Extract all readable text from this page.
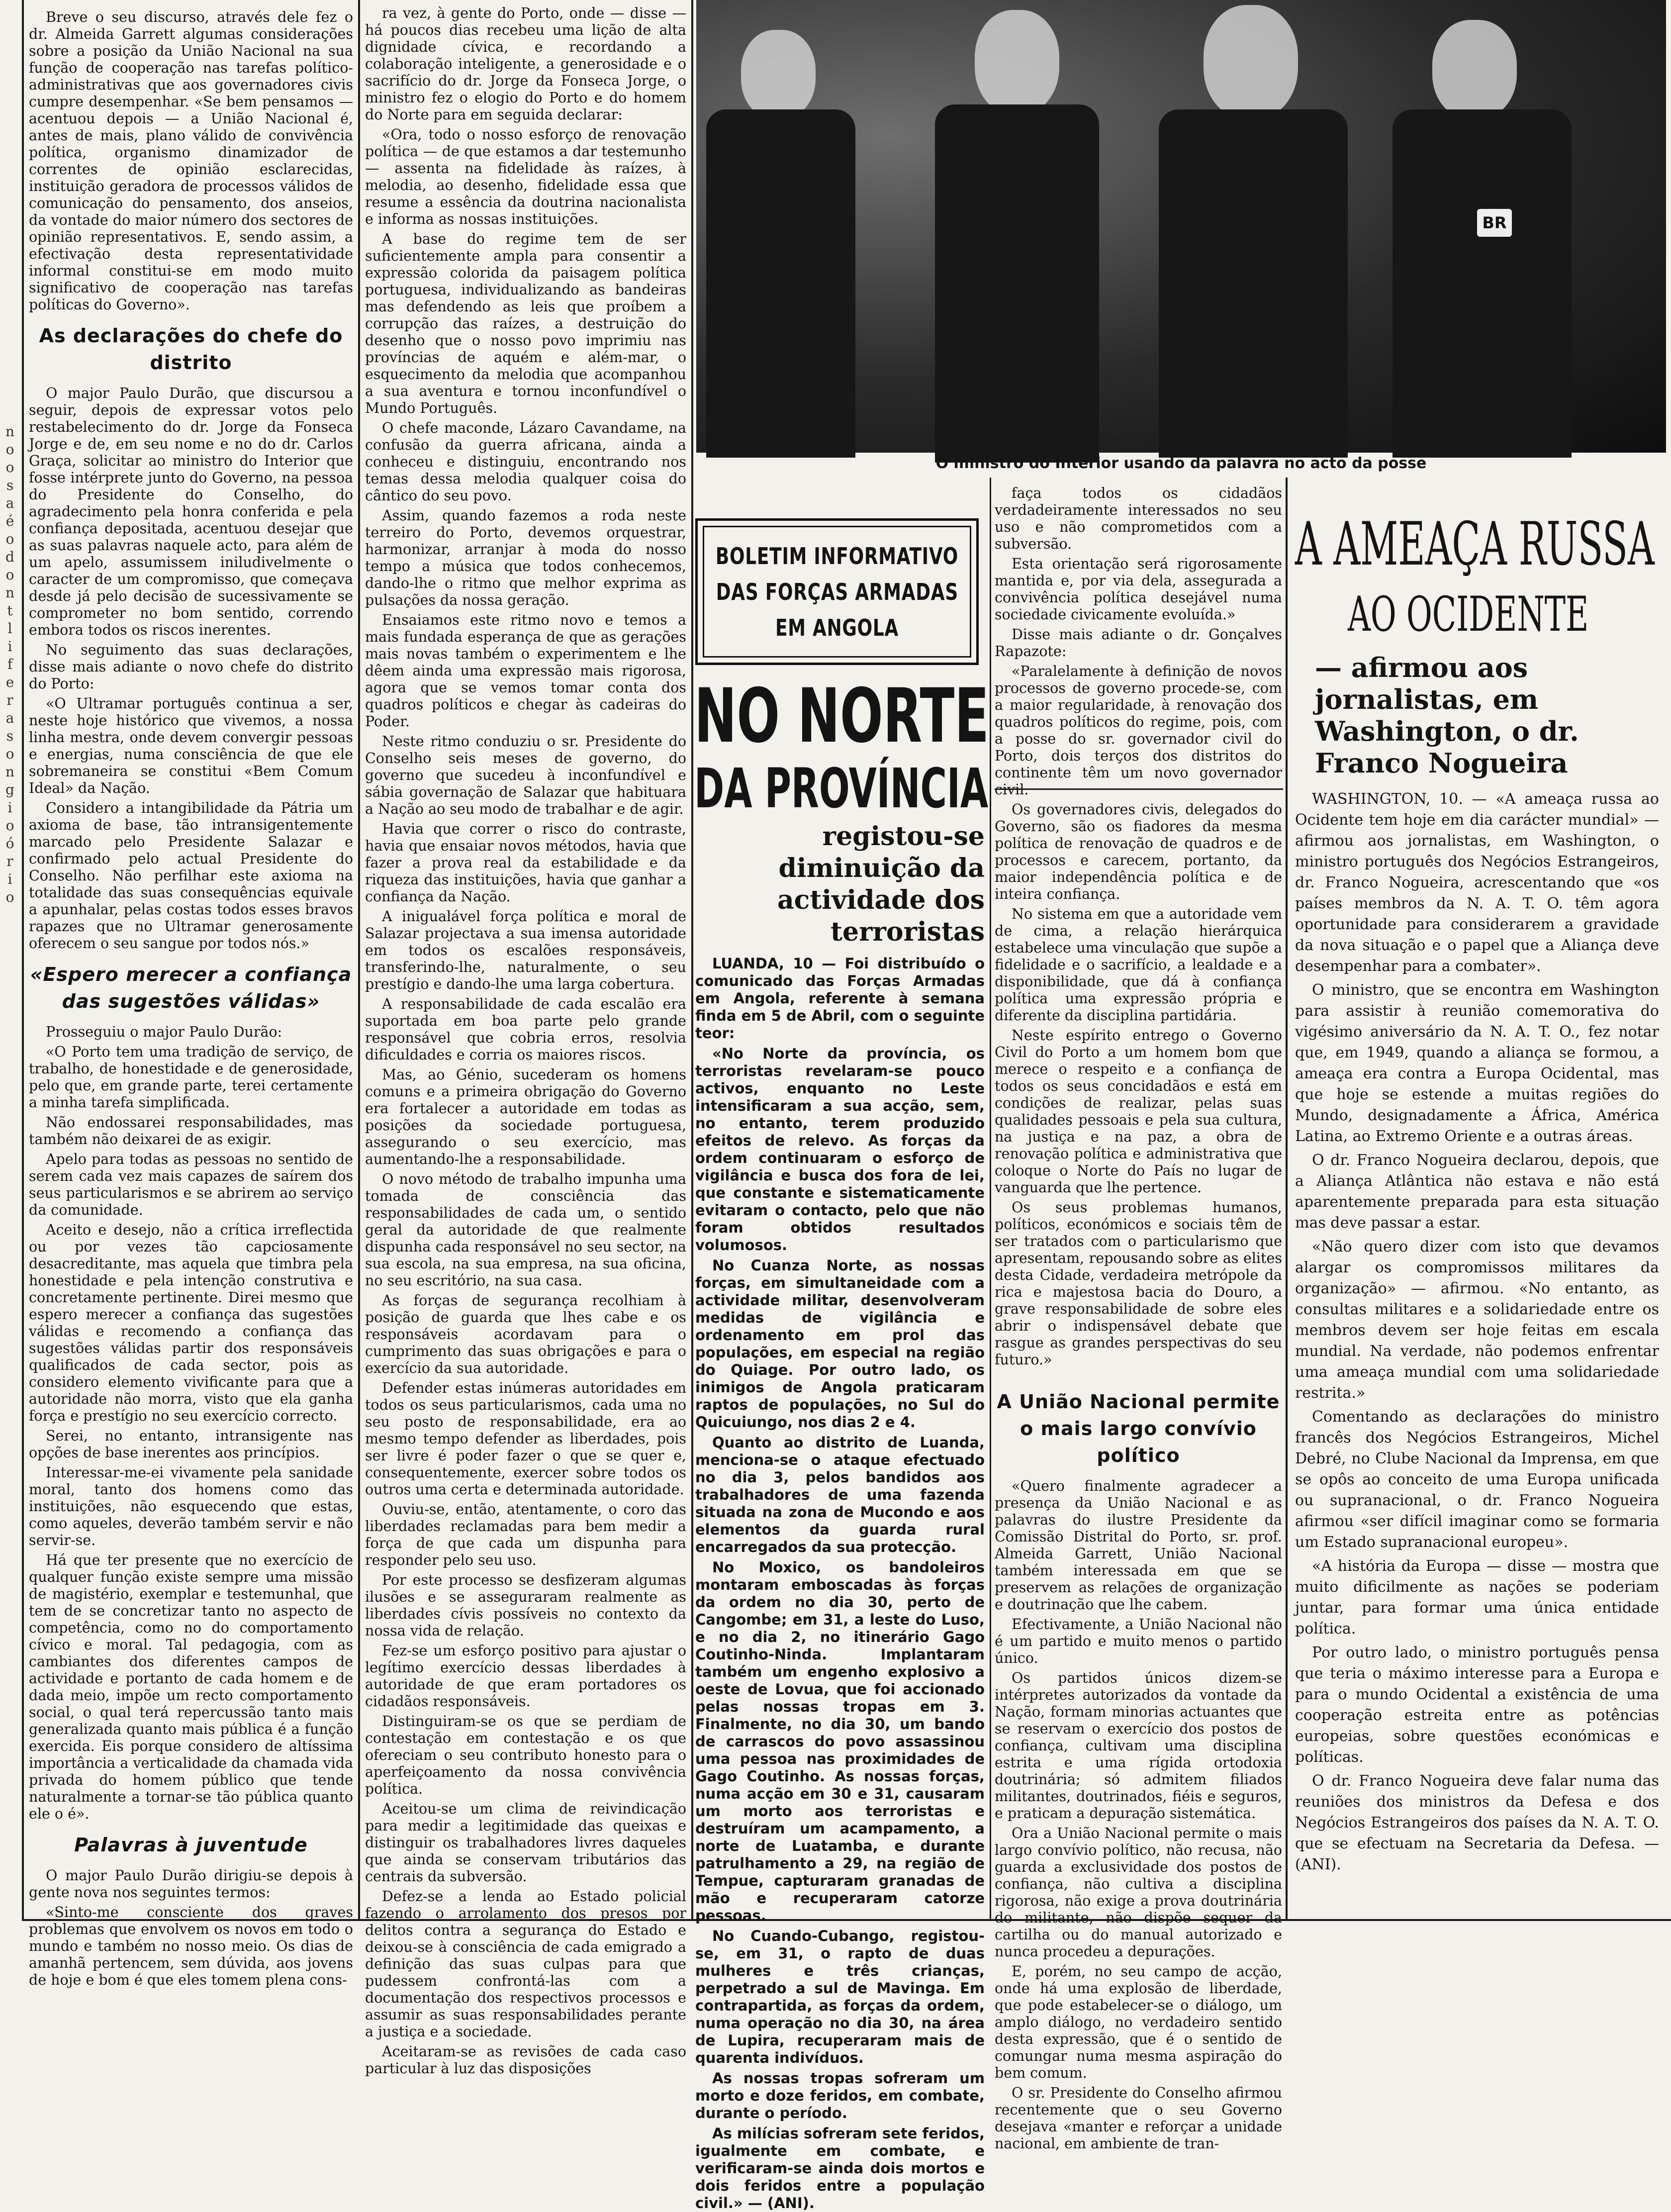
n
o
o
s
a
é
o
d
o
n
t
l
i
f
e
r
a
s
o
n
g
i
o
ó
r
i
o

Breve o seu discurso, através dele fez o dr. Almeida Garrett algumas considerações sobre a posição da União Nacional na sua função de cooperação nas tarefas político-administrativas que aos governadores civis cumpre desempenhar. «Se bem pensamos — acentuou depois — a União Nacional é, antes de mais, plano válido de convivência política, organismo dinamizador de correntes de opinião esclarecidas, instituição geradora de processos válidos de comunicação do pensamento, dos anseios, da vontade do maior número dos sectores de opinião representativos. E, sendo assim, a efectivação desta representatividade informal constitui-se em modo muito significativo de cooperação nas tarefas políticas do Governo».

As declarações do chefe do distrito

O major Paulo Durão, que discursou a seguir, depois de expressar votos pelo restabelecimento do dr. Jorge da Fonseca Jorge e de, em seu nome e no do dr. Carlos Graça, solicitar ao ministro do Interior que fosse intérprete junto do Governo, na pessoa do Presidente do Conselho, do agradecimento pela honra conferida e pela confiança depositada, acentuou desejar que as suas palavras naquele acto, para além de um apelo, assumissem iniludivelmente o caracter de um compromisso, que começava desde já pelo decisão de sucessivamente se comprometer no bom sentido, correndo embora todos os riscos inerentes.

No seguimento das suas declarações, disse mais adiante o novo chefe do distrito do Porto:

«O Ultramar português continua a ser, neste hoje histórico que vivemos, a nossa linha mestra, onde devem convergir pessoas e energias, numa consciência de que ele sobremaneira se constitui «Bem Comum Ideal» da Nação.

Considero a intangibilidade da Pátria um axioma de base, tão intransigentemente marcado pelo Presidente Salazar e confirmado pelo actual Presidente do Conselho. Não perfilhar este axioma na totalidade das suas consequências equivale a apunhalar, pelas costas todos esses bravos rapazes que no Ultramar generosamente oferecem o seu sangue por todos nós.»

«Espero merecer a confiança das sugestões válidas»

Prosseguiu o major Paulo Durão:

«O Porto tem uma tradição de serviço, de trabalho, de honestidade e de generosidade, pelo que, em grande parte, terei certamente a minha tarefa simplificada.

Não endossarei responsabilidades, mas também não deixarei de as exigir.

Apelo para todas as pessoas no sentido de serem cada vez mais capazes de saírem dos seus particularismos e se abrirem ao serviço da comunidade.

Aceito e desejo, não a crítica irreflectida ou por vezes tão capciosamente desacreditante, mas aquela que timbra pela honestidade e pela intenção construtiva e concretamente pertinente. Direi mesmo que espero merecer a confiança das sugestões válidas e recomendo a confiança das sugestões válidas partir dos responsáveis qualificados de cada sector, pois as considero elemento vivificante para que a autoridade não morra, visto que ela ganha força e prestígio no seu exercício correcto.

Serei, no entanto, intransigente nas opções de base inerentes aos princípios.

Interessar-me-ei vivamente pela sanidade moral, tanto dos homens como das instituições, não esquecendo que estas, como aqueles, deverão também servir e não servir-se.

Há que ter presente que no exercício de qualquer função existe sempre uma missão de magistério, exemplar e testemunhal, que tem de se concretizar tanto no aspecto de competência, como no do comportamento cívico e moral. Tal pedagogia, com as cambiantes dos diferentes campos de actividade e portanto de cada homem e de dada meio, impõe um recto comportamento social, o qual terá repercussão tanto mais generalizada quanto mais pública é a função exercida. Eis porque considero de altíssima importância a verticalidade da chamada vida privada do homem público que tende naturalmente a tornar-se tão pública quanto ele o é».

Palavras à juventude

O major Paulo Durão dirigiu-se depois à gente nova nos seguintes termos:

«Sinto-me consciente dos graves problemas que envolvem os novos em todo o mundo e também no nosso meio. Os dias de amanhã pertencem, sem dúvida, aos jovens de hoje e bom é que eles tomem plena cons-

ra vez, à gente do Porto, onde — disse — há poucos dias recebeu uma lição de alta dignidade cívica, e recordando a colaboração inteligente, a generosidade e o sacrifício do dr. Jorge da Fonseca Jorge, o ministro fez o elogio do Porto e do homem do Norte para em seguida declarar:

«Ora, todo o nosso esforço de renovação política — de que estamos a dar testemunho — assenta na fidelidade às raízes, à melodia, ao desenho, fidelidade essa que resume a essência da doutrina nacionalista e informa as nossas instituições.

A base do regime tem de ser suficientemente ampla para consentir a expressão colorida da paisagem política portuguesa, individualizando as bandeiras mas defendendo as leis que proíbem a corrupção das raízes, a destruição do desenho que o nosso povo imprimiu nas províncias de aquém e além-mar, o esquecimento da melodia que acompanhou a sua aventura e tornou inconfundível o Mundo Português.

O chefe maconde, Lázaro Cavandame, na confusão da guerra africana, ainda a conheceu e distinguiu, encontrando nos temas dessa melodia qualquer coisa do cântico do seu povo.

Assim, quando fazemos a roda neste terreiro do Porto, devemos orquestrar, harmonizar, arranjar à moda do nosso tempo a música que todos conhecemos, dando-lhe o ritmo que melhor exprima as pulsações da nossa geração.

Ensaiamos este ritmo novo e temos a mais fundada esperança de que as gerações mais novas também o experimentem e lhe dêem ainda uma expressão mais rigorosa, agora que se vemos tomar conta dos quadros políticos e chegar às cadeiras do Poder.

Neste ritmo conduziu o sr. Presidente do Conselho seis meses de governo, do governo que sucedeu à inconfundível e sábia governação de Salazar que habituara a Nação ao seu modo de trabalhar e de agir.

Havia que correr o risco do contraste, havia que ensaiar novos métodos, havia que fazer a prova real da estabilidade e da riqueza das instituições, havia que ganhar a confiança da Nação.

A inigualável força política e moral de Salazar projectava a sua imensa autoridade em todos os escalões responsáveis, transferindo-lhe, naturalmente, o seu prestígio e dando-lhe uma larga cobertura.

A responsabilidade de cada escalão era suportada em boa parte pelo grande responsável que cobria erros, resolvia dificuldades e corria os maiores riscos.

Mas, ao Génio, sucederam os homens comuns e a primeira obrigação do Governo era fortalecer a autoridade em todas as posições da sociedade portuguesa, assegurando o seu exercício, mas aumentando-lhe a responsabilidade.

O novo método de trabalho impunha uma tomada de consciência das responsabilidades de cada um, o sentido geral da autoridade de que realmente dispunha cada responsável no seu sector, na sua escola, na sua empresa, na sua oficina, no seu escritório, na sua casa.

As forças de segurança recolhiam à posição de guarda que lhes cabe e os responsáveis acordavam para o cumprimento das suas obrigações e para o exercício da sua autoridade.

Defender estas inúmeras autoridades em todos os seus particularismos, cada uma no seu posto de responsabilidade, era ao mesmo tempo defender as liberdades, pois ser livre é poder fazer o que se quer e, consequentemente, exercer sobre todos os outros uma certa e determinada autoridade.

Ouviu-se, então, atentamente, o coro das liberdades reclamadas para bem medir a força de que cada um dispunha para responder pelo seu uso.

Por este processo se desfizeram algumas ilusões e se asseguraram realmente as liberdades cívis possíveis no contexto da nossa vida de relação.

Fez-se um esforço positivo para ajustar o legítimo exercício dessas liberdades à autoridade de que eram portadores os cidadãos responsáveis.

Distinguiram-se os que se perdiam de contestação em contestação e os que ofereciam o seu contributo honesto para o aperfeiçoamento da nossa convivência política.

Aceitou-se um clima de reivindicação para medir a legitimidade das queixas e distinguir os trabalhadores livres daqueles que ainda se conservam tributários das centrais da subversão.

Defez-se a lenda ao Estado policial fazendo o arrolamento dos presos por delitos contra a segurança do Estado e deixou-se à consciência de cada emigrado a definição das suas culpas para que pudessem confrontá-las com a documentação dos respectivos processos e assumir as suas responsabilidades perante a justiça e a sociedade.

Aceitaram-se as revisões de cada caso particular à luz das disposições

BR
O ministro do Interior usando da palavra no acto da posse
BOLETIM INFORMATIVO
DAS FORÇAS ARMADAS
EM ANGOLA
NO NORTE
DA PROVÍNCIA
registou-se diminuição da actividade dos terroristas

LUANDA, 10 — Foi distribuído o comunicado das Forças Armadas em Angola, referente à semana finda em 5 de Abril, com o seguinte teor:

«No Norte da província, os terroristas revelaram-se pouco activos, enquanto no Leste intensificaram a sua acção, sem, no entanto, terem produzido efeitos de relevo. As forças da ordem continuaram o esforço de vigilância e busca dos fora de lei, que constante e sistematicamente evitaram o contacto, pelo que não foram obtidos resultados volumosos.

No Cuanza Norte, as nossas forças, em simultaneidade com a actividade militar, desenvolveram medidas de vigilância e ordenamento em prol das populações, em especial na região do Quiage. Por outro lado, os inimigos de Angola praticaram raptos de populações, no Sul do Quicuiungo, nos dias 2 e 4.

Quanto ao distrito de Luanda, menciona-se o ataque efectuado no dia 3, pelos bandidos aos trabalhadores de uma fazenda situada na zona de Mucondo e aos elementos da guarda rural encarregados da sua protecção.

No Moxico, os bandoleiros montaram emboscadas às forças da ordem no dia 30, perto de Cangombe; em 31, a leste do Luso, e no dia 2, no itinerário Gago Coutinho-Ninda. Implantaram também um engenho explosivo a oeste de Lovua, que foi accionado pelas nossas tropas em 3. Finalmente, no dia 30, um bando de carrascos do povo assassinou uma pessoa nas proximidades de Gago Coutinho. As nossas forças, numa acção em 30 e 31, causaram um morto aos terroristas e destruíram um acampamento, a norte de Luatamba, e durante patrulhamento a 29, na região de Tempue, capturaram granadas de mão e recuperaram catorze pessoas.

No Cuando-Cubango, registou-se, em 31, o rapto de duas mulheres e três crianças, perpetrado a sul de Mavinga. Em contrapartida, as forças da ordem, numa operação no dia 30, na área de Lupira, recuperaram mais de quarenta indivíduos.

As nossas tropas sofreram um morto e doze feridos, em combate, durante o período.

As milícias sofreram sete feridos, igualmente em combate, e verificaram-se ainda dois mortos e dois feridos entre a população civil.» — (ANI).

faça todos os cidadãos verdadeiramente interessados no seu uso e não comprometidos com a subversão.

Esta orientação será rigorosamente mantida e, por via dela, assegurada a convivência política desejável numa sociedade civicamente evoluída.»

Disse mais adiante o dr. Gonçalves Rapazote:

«Paralelamente à definição de novos processos de governo procede-se, com a maior regularidade, à renovação dos quadros políticos do regime, pois, com a posse do sr. governador civil do Porto, dois terços dos distritos do continente têm um novo governador civil.

Os governadores civis, delegados do Governo, são os fiadores da mesma política de renovação de quadros e de processos e carecem, portanto, da maior independência política e de inteira confiança.

No sistema em que a autoridade vem de cima, a relação hierárquica estabelece uma vinculação que supõe a fidelidade e o sacrifício, a lealdade e a disponibilidade, que dá à confiança política uma expressão própria e diferente da disciplina partidária.

Neste espírito entrego o Governo Civil do Porto a um homem bom que merece o respeito e a confiança de todos os seus concidadãos e está em condições de realizar, pelas suas qualidades pessoais e pela sua cultura, na justiça e na paz, a obra de renovação política e administrativa que coloque o Norte do País no lugar de vanguarda que lhe pertence.

Os seus problemas humanos, políticos, económicos e sociais têm de ser tratados com o particularismo que apresentam, repousando sobre as elites desta Cidade, verdadeira metrópole da rica e majestosa bacia do Douro, a grave responsabilidade de sobre eles abrir o indispensável debate que rasgue as grandes perspectivas do seu futuro.»

A União Nacional permite o mais largo convívio político

«Quero finalmente agradecer a presença da União Nacional e as palavras do ilustre Presidente da Comissão Distrital do Porto, sr. prof. Almeida Garrett, União Nacional também interessada em que se preservem as relações de organização e doutrinação que lhe cabem.

Efectivamente, a União Nacional não é um partido e muito menos o partido único.

Os partidos únicos dizem-se intérpretes autorizados da vontade da Nação, formam minorias actuantes que se reservam o exercício dos postos de confiança, cultivam uma disciplina estrita e uma rígida ortodoxia doutrinária; só admitem filiados militantes, doutrinados, fiéis e seguros, e praticam a depuração sistemática.

Ora a União Nacional permite o mais largo convívio político, não recusa, não guarda a exclusividade dos postos de confiança, não cultiva a disciplina rigorosa, não exige a prova doutrinária do militante, não dispõe sequer da cartilha ou do manual autorizado e nunca procedeu a depurações.

E, porém, no seu campo de acção, onde há uma explosão de liberdade, que pode estabelecer-se o diálogo, um amplo diálogo, no verdadeiro sentido desta expressão, que é o sentido de comungar numa mesma aspiração do bem comum.

O sr. Presidente do Conselho afirmou recentemente que o seu Governo desejava «manter e reforçar a unidade nacional, em ambiente de tran-

A AMEAÇA RUSSA
AO OCIDENTE
— afirmou aos jornalistas, em Washington, o dr. Franco Nogueira

WASHINGTON, 10. — «A ameaça russa ao Ocidente tem hoje em dia carácter mundial» — afirmou aos jornalistas, em Washington, o ministro português dos Negócios Estrangeiros, dr. Franco Nogueira, acrescentando que «os países membros da N. A. T. O. têm agora oportunidade para considerarem a gravidade da nova situação e o papel que a Aliança deve desempenhar para a combater».

O ministro, que se encontra em Washington para assistir à reunião comemorativa do vigésimo aniversário da N. A. T. O., fez notar que, em 1949, quando a aliança se formou, a ameaça era contra a Europa Ocidental, mas que hoje se estende a muitas regiões do Mundo, designadamente a África, América Latina, ao Extremo Oriente e a outras áreas.

O dr. Franco Nogueira declarou, depois, que a Aliança Atlântica não estava e não está aparentemente preparada para esta situação mas deve passar a estar.

«Não quero dizer com isto que devamos alargar os compromissos militares da organização» — afirmou. «No entanto, as consultas militares e a solidariedade entre os membros devem ser hoje feitas em escala mundial. Na verdade, não podemos enfrentar uma ameaça mundial com uma solidariedade restrita.»

Comentando as declarações do ministro francês dos Negócios Estrangeiros, Michel Debré, no Clube Nacional da Imprensa, em que se opôs ao conceito de uma Europa unificada ou supranacional, o dr. Franco Nogueira afirmou «ser difícil imaginar como se formaria um Estado supranacional europeu».

«A história da Europa — disse — mostra que muito dificilmente as nações se poderiam juntar, para formar uma única entidade política.

Por outro lado, o ministro português pensa que teria o máximo interesse para a Europa e para o mundo Ocidental a existência de uma cooperação estreita entre as potências europeias, sobre questões económicas e políticas.

O dr. Franco Nogueira deve falar numa das reuniões dos ministros da Defesa e dos Negócios Estrangeiros dos países da N. A. T. O. que se efectuam na Secretaria da Defesa. — (ANI).
